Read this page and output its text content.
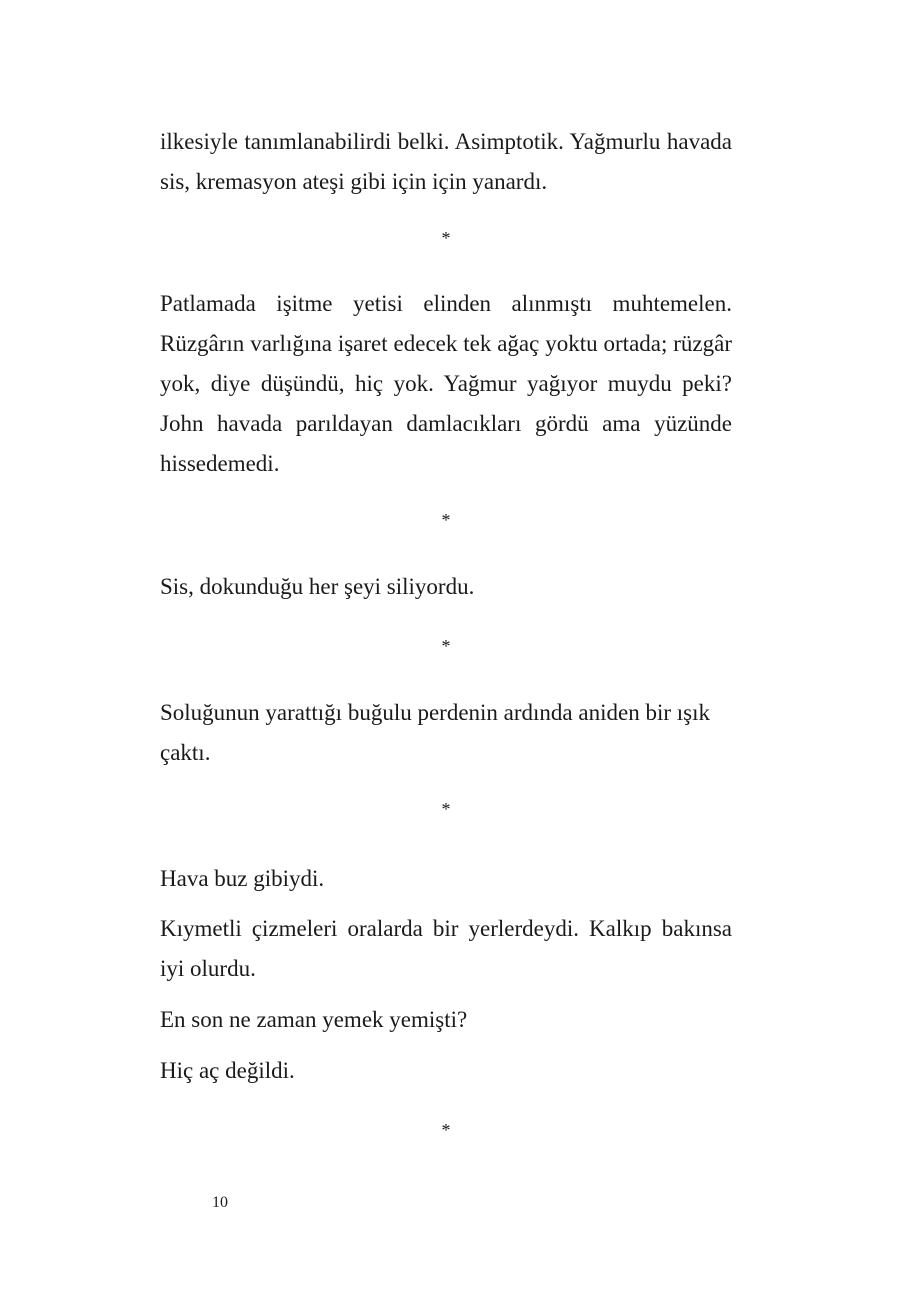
ilkesiyle tanımlanabilirdi belki. Asimptotik. Yağmurlu havada sis, kremasyon ateşi gibi için için yanardı.

*

Patlamada işitme yetisi elinden alınmıştı muhtemelen. Rüzgârın varlığına işaret edecek tek ağaç yoktu ortada; rüzgâr yok, diye düşündü, hiç yok. Yağmur yağıyor muydu peki? John havada parıldayan damlacıkları gördü ama yüzünde hissedemedi.

*

Sis, dokunduğu her şeyi siliyordu.

*

Soluğunun yarattığı buğulu perdenin ardında aniden bir ışık çaktı.

*

Hava buz gibiydi.

Kıymetli çizmeleri oralarda bir yerlerdeydi. Kalkıp bakınsa iyi olurdu.

En son ne zaman yemek yemişti?

Hiç aç değildi.

*
10
